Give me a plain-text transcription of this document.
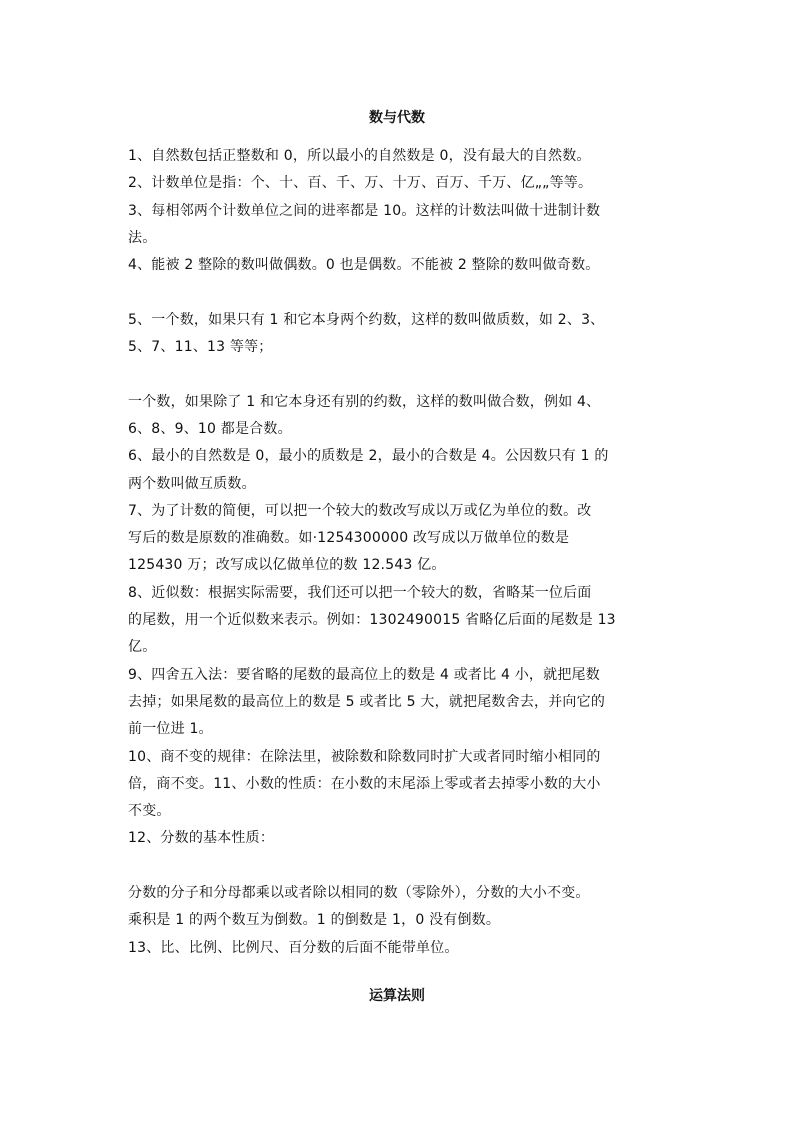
数与代数
1、自然数包括正整数和 0，所以最小的自然数是 0，没有最大的自然数。
2、计数单位是指：个、十、百、千、万、十万、百万、千万、亿„„等等。
3、每相邻两个计数单位之间的进率都是 10。这样的计数法叫做十进制计数
法。
4、能被 2 整除的数叫做偶数。0 也是偶数。不能被 2 整除的数叫做奇数。
5、一个数，如果只有 1 和它本身两个约数，这样的数叫做质数，如 2、3、
5、7、11、13 等等；
一个数，如果除了 1 和它本身还有别的约数，这样的数叫做合数，例如 4、
6、8、9、10 都是合数。
6、最小的自然数是 0，最小的质数是 2，最小的合数是 4。公因数只有 1 的
两个数叫做互质数。
7、为了计数的简便，可以把一个较大的数改写成以万或亿为单位的数。改
写后的数是原数的准确数。如·1254300000 改写成以万做单位的数是
125430 万；改写成以亿做单位的数 12.543 亿。
8、近似数：根据实际需要，我们还可以把一个较大的数，省略某一位后面
的尾数，用一个近似数来表示。例如：1302490015 省略亿后面的尾数是 13
亿。
9、四舍五入法：要省略的尾数的最高位上的数是 4 或者比 4 小，就把尾数
去掉；如果尾数的最高位上的数是 5 或者比 5 大，就把尾数舍去，并向它的
前一位进 1。
10、商不变的规律：在除法里，被除数和除数同时扩大或者同时缩小相同的
倍，商不变。11、小数的性质：在小数的末尾添上零或者去掉零小数的大小
不变。
12、分数的基本性质：
分数的分子和分母都乘以或者除以相同的数（零除外），分数的大小不变。
乘积是 1 的两个数互为倒数。1 的倒数是 1，0 没有倒数。
13、比、比例、比例尺、百分数的后面不能带单位。
运算法则
